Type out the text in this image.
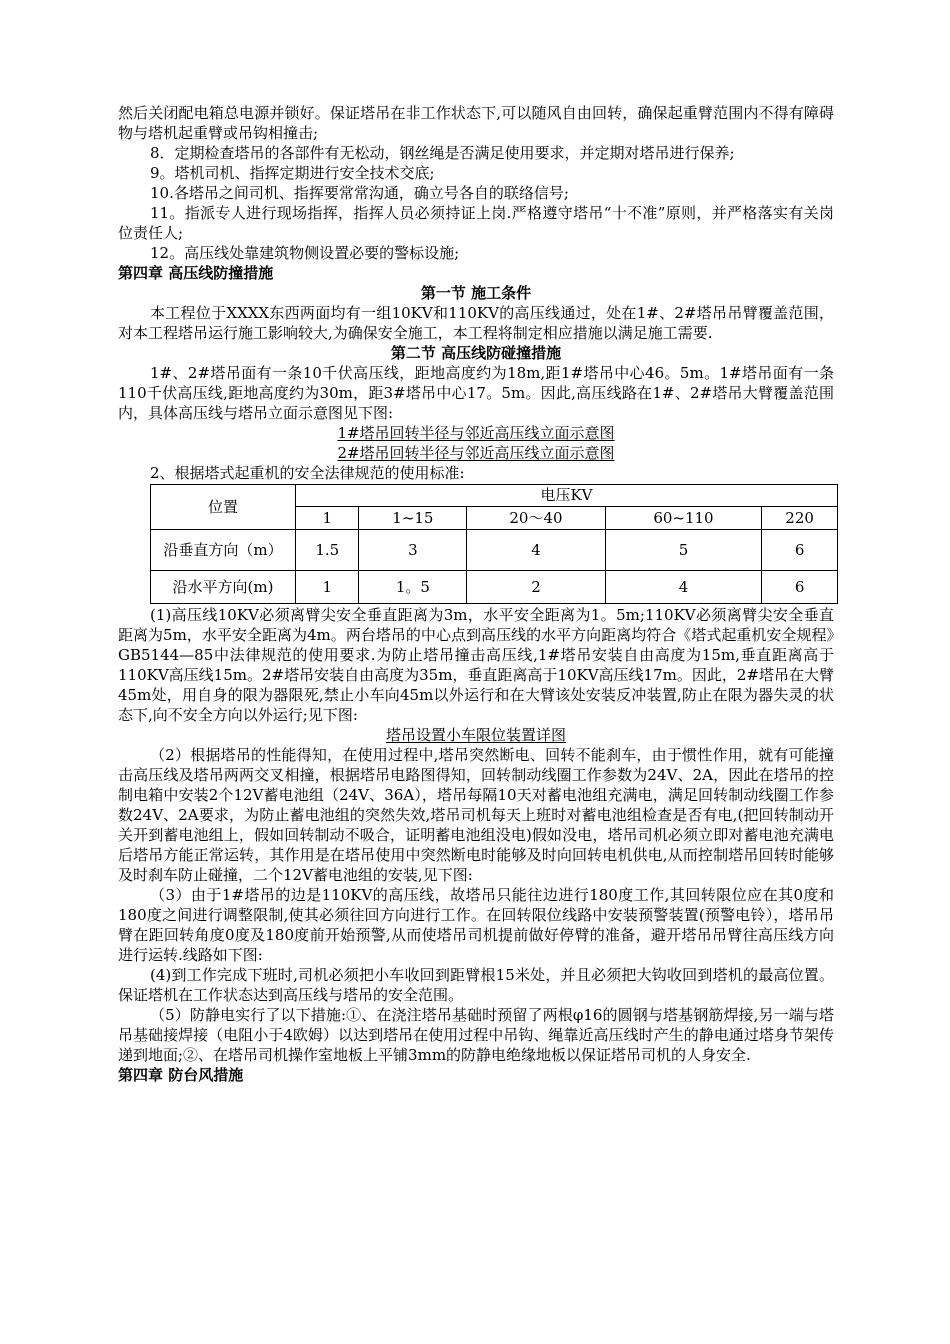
然后关闭配电箱总电源并锁好。保证塔吊在非工作状态下,可以随风自由回转，确保起重臂范围内不得有障碍物与塔机起重臂或吊钩相撞击;

8．定期检查塔吊的各部件有无松动，钢丝绳是否满足使用要求，并定期对塔吊进行保养;

9。塔机司机、指挥定期进行安全技术交底;

10.各塔吊之间司机、指挥要常常沟通，确立号各自的联络信号;

11。指派专人进行现场指挥，指挥人员必须持证上岗.严格遵守塔吊“十不准”原则，并严格落实有关岗位责任人;

12。高压线处靠建筑物侧设置必要的警标设施;

第四章 高压线防撞措施

第一节 施工条件

本工程位于XXXX东西两面均有一组10KV和110KV的高压线通过，处在1#、2#塔吊吊臂覆盖范围，对本工程塔吊运行施工影响较大,为确保安全施工，本工程将制定相应措施以满足施工需要.

第二节 高压线防碰撞措施

1#、2#塔吊面有一条10千伏高压线，距地高度约为18m,距1#塔吊中心46。5m。1#塔吊面有一条110千伏高压线,距地高度约为30m，距3#塔吊中心17。5m。因此,高压线路在1#、2#塔吊大臂覆盖范围内，具体高压线与塔吊立面示意图见下图:

1#塔吊回转半径与邻近高压线立面示意图

2#塔吊回转半径与邻近高压线立面示意图

2、根据塔式起重机的安全法律规范的使用标准:

位置	电压KV				
	1	1~15	20～40	60~110	220
沿垂直方向（m）	1.5	3	4	5	6
沿水平方向(m)	1	1。5	2	4	6

(1)高压线10KV必须离臂尖安全垂直距离为3m，水平安全距离为1。5m;110KV必须离臂尖安全垂直距离为5m，水平安全距离为4m。两台塔吊的中心点到高压线的水平方向距离均符合《塔式起重机安全规程》GB5144—85中法律规范的使用要求.为防止塔吊撞击高压线,1#塔吊安装自由高度为15m,垂直距离高于110KV高压线15m。2#塔吊安装自由高度为35m，垂直距离高于10KV高压线17m。因此，2#塔吊在大臂45m处，用自身的限为器限死,禁止小车向45m以外运行和在大臂该处安装反冲装置,防止在限为器失灵的状态下,向不安全方向以外运行;见下图:

塔吊设置小车限位装置详图

（2）根据塔吊的性能得知，在使用过程中,塔吊突然断电、回转不能刹车，由于惯性作用，就有可能撞击高压线及塔吊两两交叉相撞，根据塔吊电路图得知，回转制动线圈工作参数为24V、2A，因此在塔吊的控制电箱中安装2个12V蓄电池组（24V、36A），塔吊每隔10天对蓄电池组充满电，满足回转制动线圈工作参数24V、2A要求，为防止蓄电池组的突然失效,塔吊司机每天上班时对蓄电池组检查是否有电,(把回转制动开关开到蓄电池组上，假如回转制动不吸合，证明蓄电池组没电)假如没电，塔吊司机必须立即对蓄电池充满电后塔吊方能正常运转，其作用是在塔吊使用中突然断电时能够及时向回转电机供电,从而控制塔吊回转时能够及时刹车防止碰撞，二个12V蓄电池组的安装,见下图:

（3）由于1#塔吊的边是110KV的高压线，故塔吊只能往边进行180度工作,其回转限位应在其0度和180度之间进行调整限制,使其必须往回方向进行工作。在回转限位线路中安装预警装置(预警电铃），塔吊吊臂在距回转角度0度及180度前开始预警,从而使塔吊司机提前做好停臂的准备，避开塔吊吊臂往高压线方向进行运转.线路如下图:

(4)到工作完成下班时,司机必须把小车收回到距臂根15米处，并且必须把大钩收回到塔机的最高位置。保证塔机在工作状态达到高压线与塔吊的安全范围。

（5）防静电实行了以下措施:①、在浇注塔吊基础时预留了两根φ16的圆钢与塔基钢筋焊接,另一端与塔吊基础接焊接（电阻小于4欧姆）以达到塔吊在使用过程中吊钩、绳靠近高压线时产生的静电通过塔身节架传递到地面;②、在塔吊司机操作室地板上平铺3mm的防静电绝缘地板以保证塔吊司机的人身安全.

第四章 防台风措施
